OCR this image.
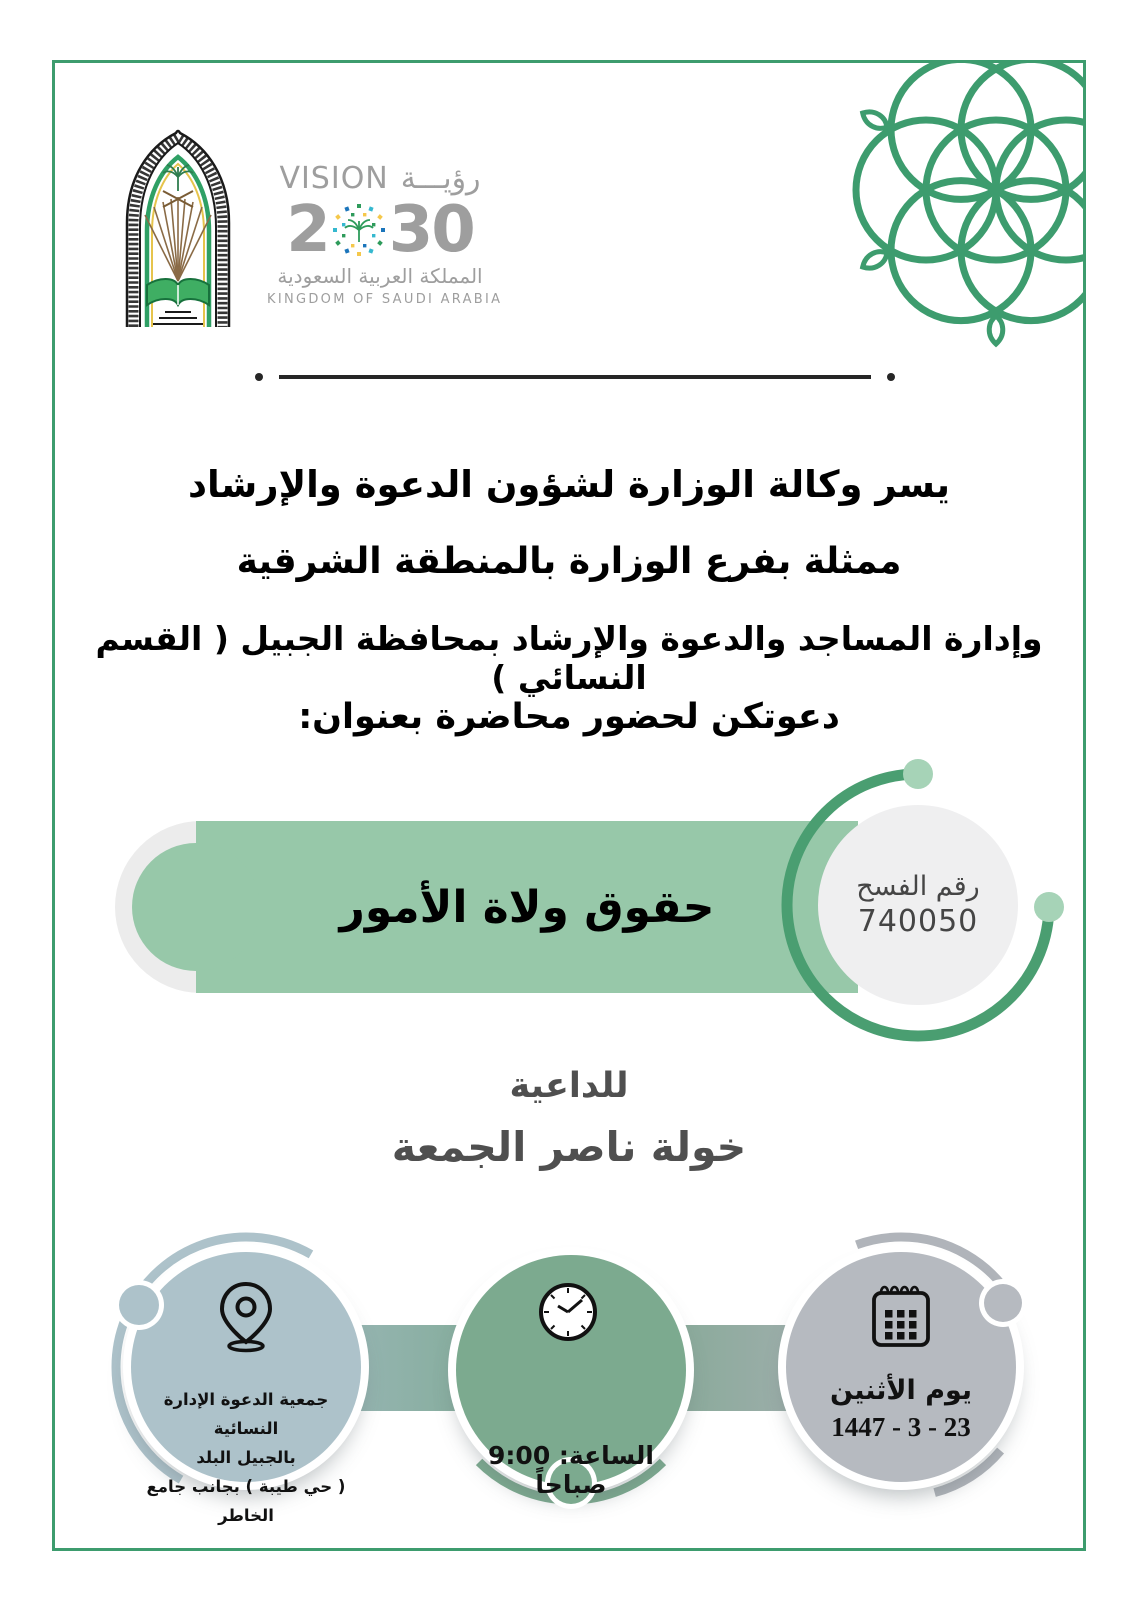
VISION رؤيـــة
2 30
المملكة العربية السعودية
KINGDOM OF SAUDI ARABIA
يسر وكالة الوزارة لشؤون الدعوة والإرشاد
ممثلة بفرع الوزارة بالمنطقة الشرقية
وإدارة المساجد والدعوة والإرشاد بمحافظة الجبيل ( القسم النسائي )
دعوتكن لحضور محاضرة بعنوان:
حقوق ولاة الأمور	رقم الفسح
740050
للداعية
خولة ناصر الجمعة
جمعية الدعوة الإدارة النسائية
بالجبيل البلد
( حي طيبة ) بجانب جامع الخاطر
الساعة: 9:00 صباحاً
يوم الأثنين
23 - 3 - 1447
